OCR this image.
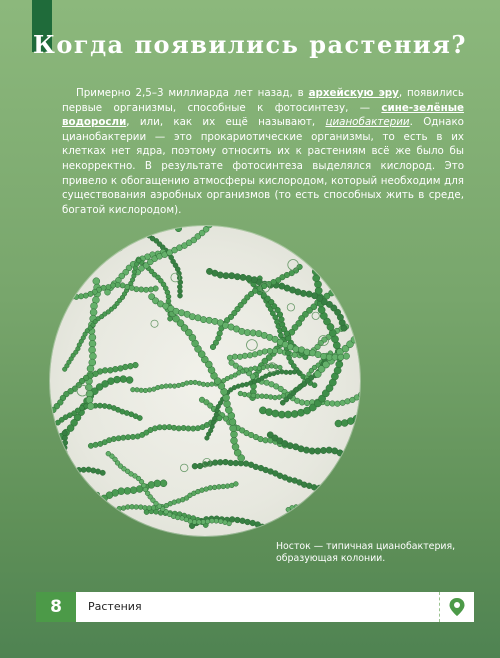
Когда появились растения?

Примерно 2,5–3 миллиарда лет назад, в архейскую эру, появились первые организмы, способные к фотосинтезу, — сине-зелёные водоросли, или, как их ещё называют, цианобактерии. Однако цианобактерии — это прокариотические организмы, то есть в их клетках нет ядра, поэтому относить их к растениям всё же было бы некорректно. В результате фотосинтеза выделялся кислород. Это привело к обогащению атмосферы кислородом, который необходим для существования аэробных организмов (то есть способных жить в среде, богатой кислородом).

Носток — типичная цианобактерия, образующая колонии.
8	Растения
